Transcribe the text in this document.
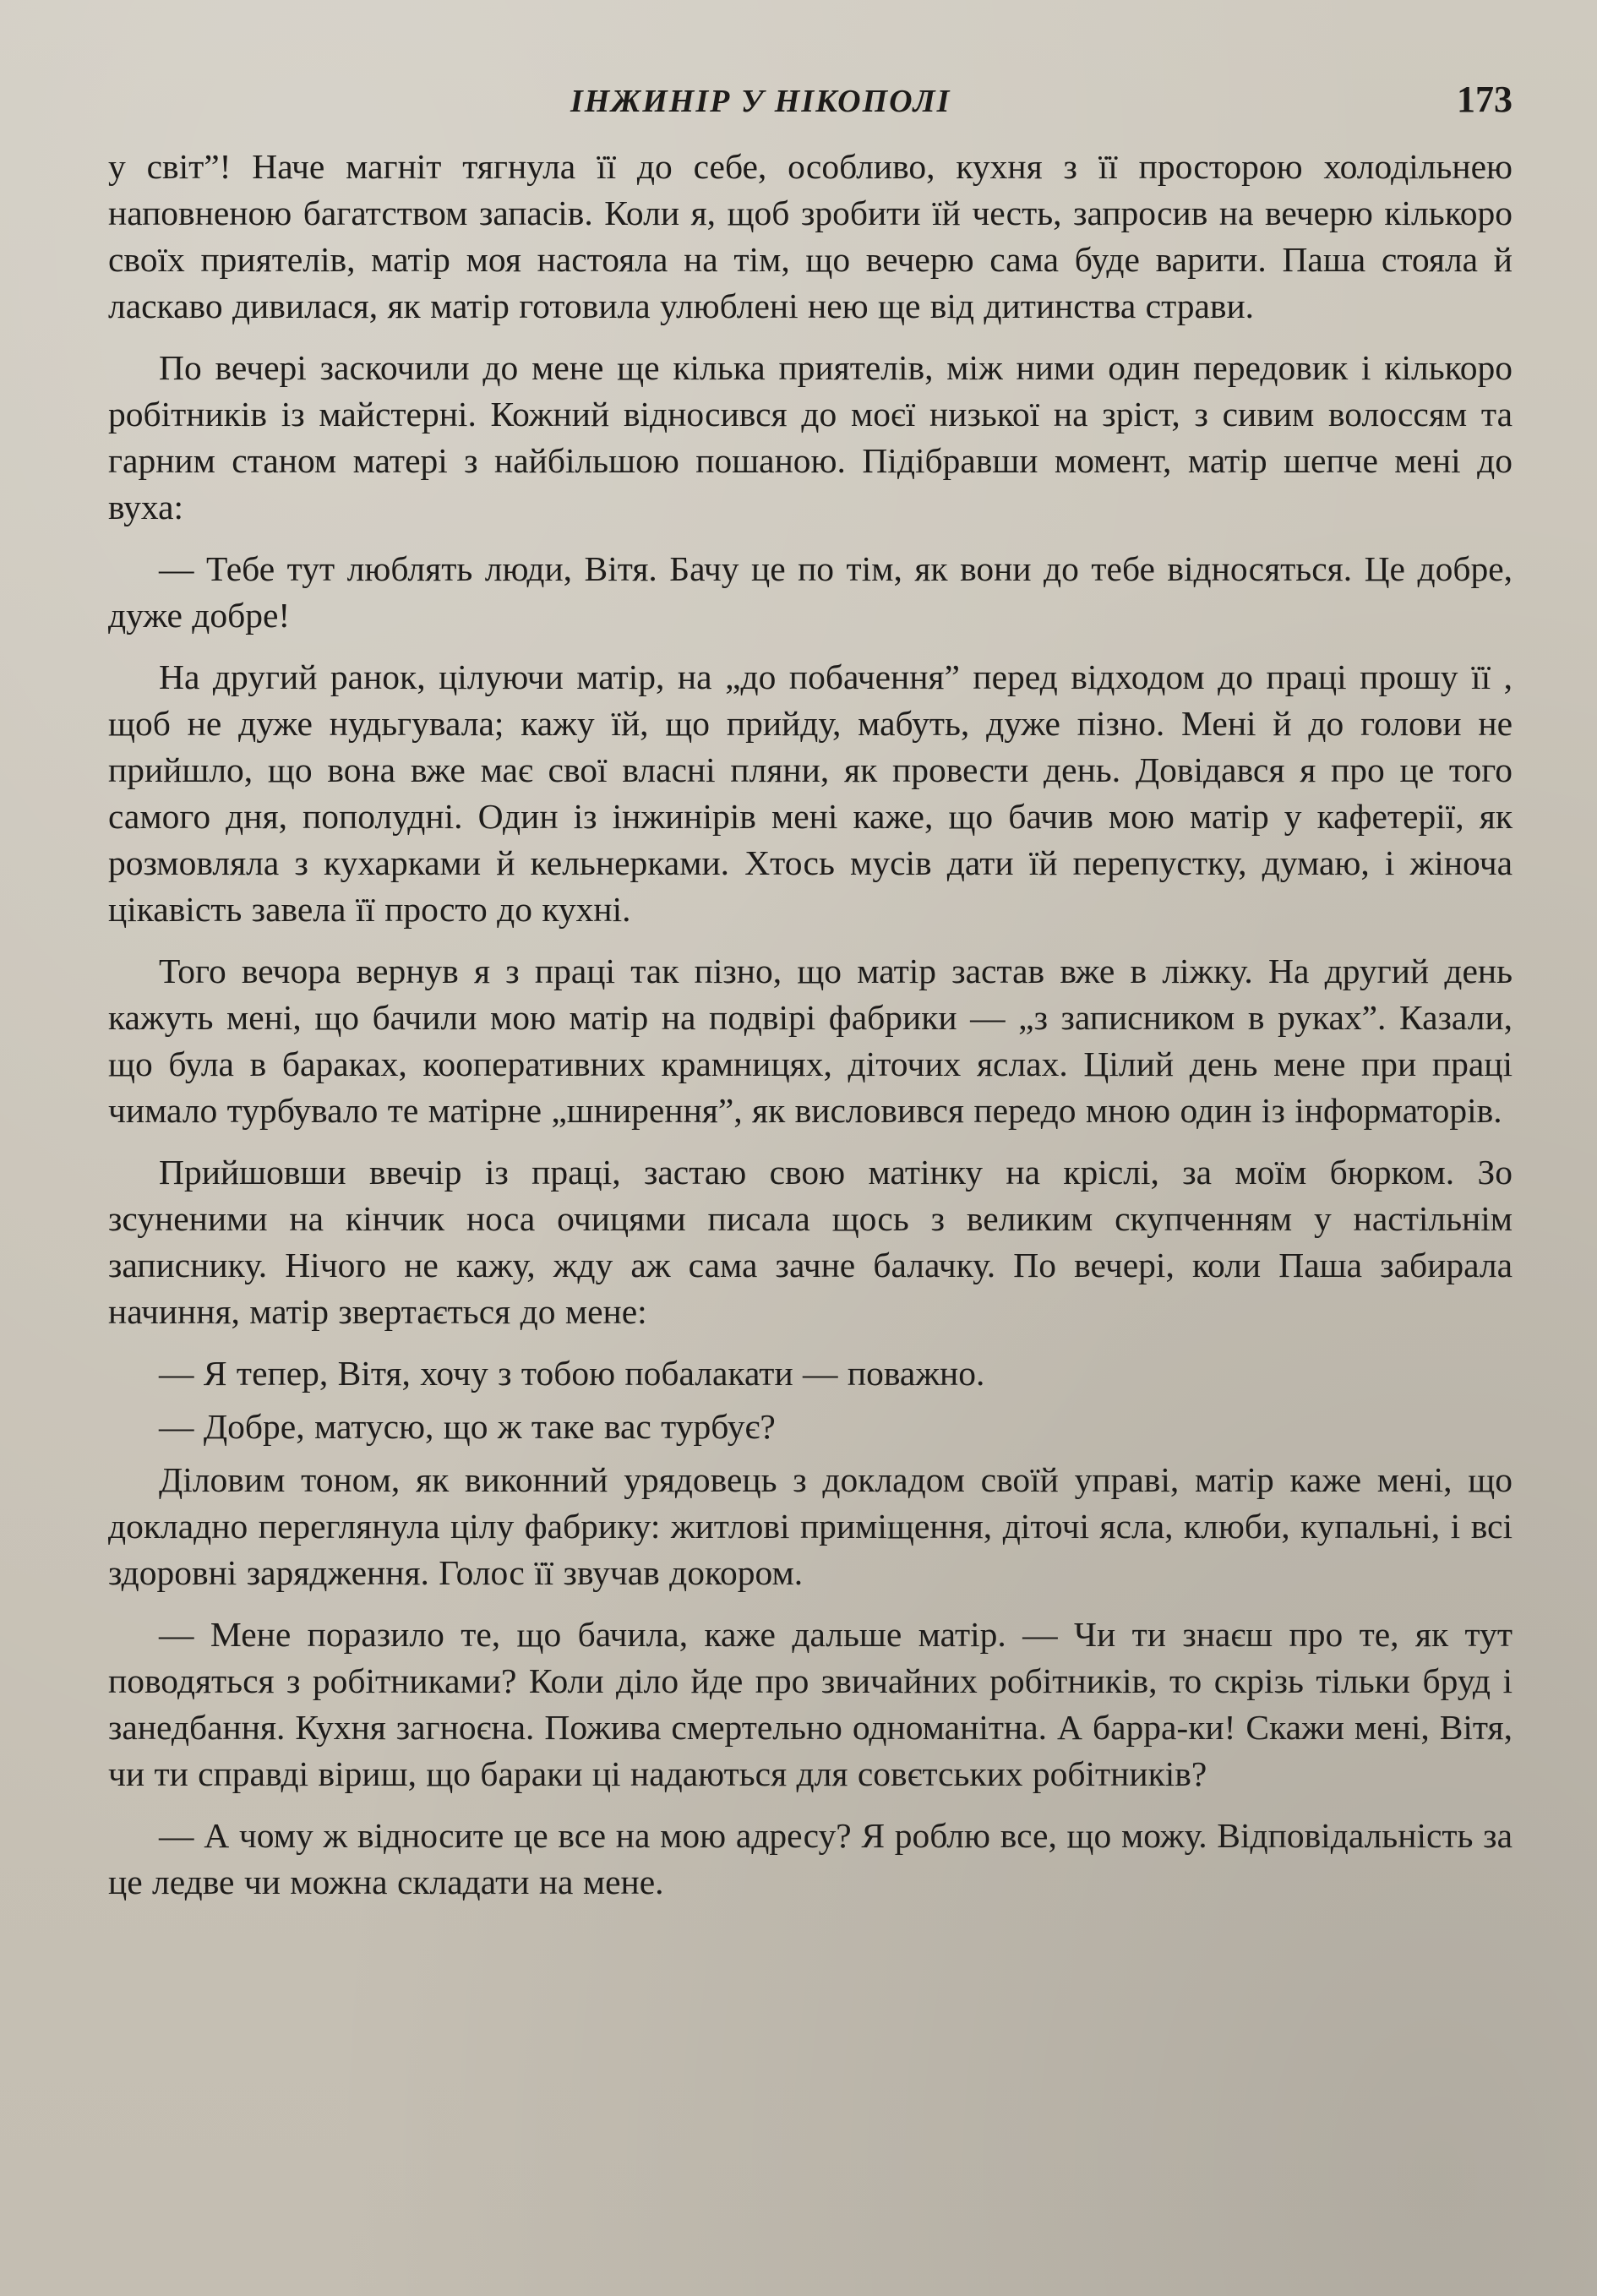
ІНЖИНІР У НІКОПОЛІ	173

у світ”! Наче магніт тягнула її до себе, особливо, кухня з її просторою холодільнею наповненою багатством запасів. Коли я, щоб зробити їй честь, запросив на вечерю кількоро своїх приятелів, матір моя настояла на тім, що вечерю сама буде варити. Паша стояла й ласкаво дивилася, як матір готовила улюблені нею ще від дитинства страви.

По вечері заскочили до мене ще кілька приятелів, між ними один передовик і кількоро робітників із майстерні. Кожний відносився до моєї низької на зріст, з сивим волоссям та гарним станом матері з найбільшою пошаною. Підібравши момент, матір шепче мені до вуха:

— Тебе тут люблять люди, Вітя. Бачу це по тім, як вони до тебе відносяться. Це добре, дуже добре!

На другий ранок, цілуючи матір, на „до побачення” перед відходом до праці прошу її , щоб не дуже нудьгувала; кажу їй, що прийду, мабуть, дуже пізно. Мені й до голови не прийшло, що вона вже має свої власні пляни, як провести день. Довідався я про це того самого дня, пополудні. Один із інжинірів мені каже, що бачив мою матір у кафетерії, як розмовляла з кухарками й кельнерками. Хтось мусів дати їй перепустку, думаю, і жіноча цікавість завела її просто до кухні.

Того вечора вернув я з праці так пізно, що матір застав вже в ліжку. На другий день кажуть мені, що бачили мою матір на подвірі фабрики — „з записником в руках”. Казали, що була в бараках, кооперативних крамницях, діточих яслах. Цілий день мене при праці чимало турбувало те матірне „шнирення”, як висловився передо мною один із інформаторів.

Прийшовши ввечір із праці, застаю свою матінку на кріслі, за моїм бюрком. Зо зсуненими на кінчик носа очицями писала щось з великим скупченням у настільнім записнику. Нічого не кажу, жду аж сама зачне балачку. По вечері, коли Паша забирала начиння, матір звертається до мене:

— Я тепер, Вітя, хочу з тобою побалакати — поважно.

— Добре, матусю, що ж таке вас турбує?

Діловим тоном, як виконний урядовець з докладом своїй управі, матір каже мені, що докладно переглянула цілу фабрику: житлові приміщення, діточі ясла, клюби, купальні, і всі здоровні зарядження. Голос її звучав докором.

— Мене поразило те, що бачила, каже дальше матір. — Чи ти знаєш про те, як тут поводяться з робітниками? Коли діло йде про звичайних робітників, то скрізь тільки бруд і занедбання. Кухня загноєна. Пожива смертельно одноманітна. А барра-ки! Скажи мені, Вітя, чи ти справді віриш, що бараки ці надаються для совєтських робітників?

— А чому ж відносите це все на мою адресу? Я роблю все, що можу. Відповідальність за це ледве чи можна складати на мене.
